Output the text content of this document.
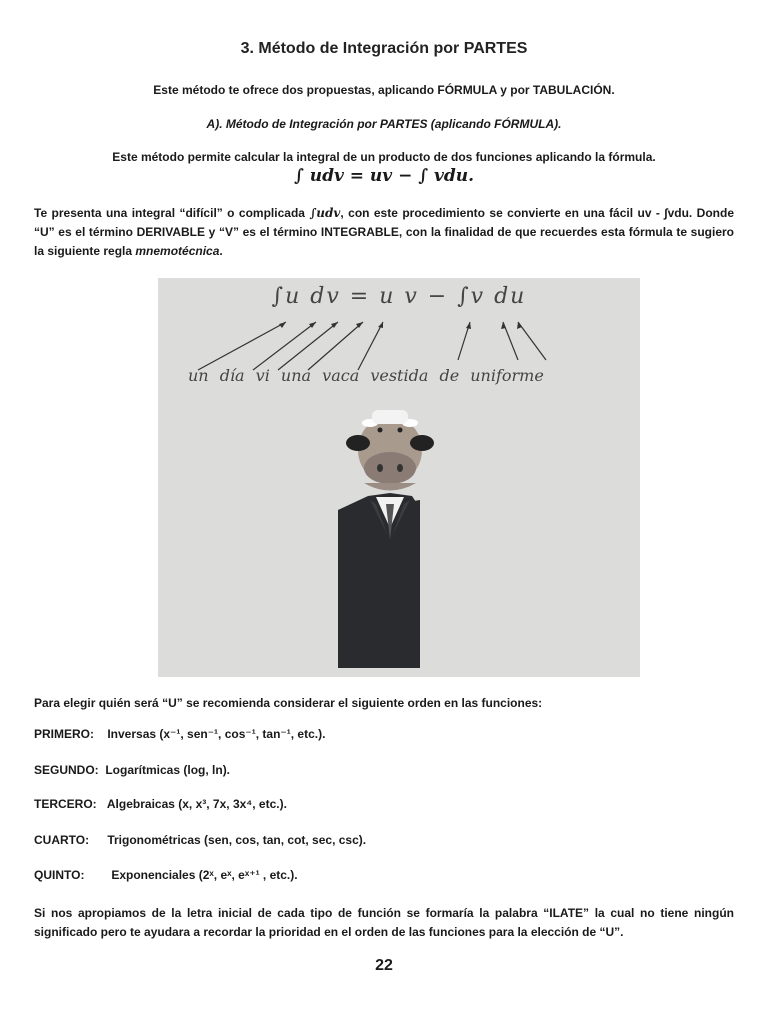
3. Método de Integración por PARTES
Este método te ofrece dos propuestas, aplicando FÓRMULA y por TABULACIÓN.
A). Método de Integración por PARTES (aplicando FÓRMULA).
Este método permite calcular la integral de un producto de dos funciones aplicando la fórmula.
∫ udv = uv − ∫ vdu.
Te presenta una integral “difícil” o complicada ∫udv, con este procedimiento se convierte en una fácil uv - ∫vdu. Donde “U” es el término DERIVABLE y “V” es el término INTEGRABLE, con la finalidad de que recuerdes esta fórmula te sugiero la siguiente regla mnemotécnica.
∫u dv = u v − ∫v du
un día vi una vaca vestida de uniforme
Para elegir quién será “U” se recomienda considerar el siguiente orden en las funciones:
PRIMERO: Inversas (x⁻¹, sen⁻¹, cos⁻¹, tan⁻¹, etc.).
SEGUNDO: Logarítmicas (log, ln).
TERCERO: Algebraicas (x, x³, 7x, 3x⁴, etc.).
CUARTO: Trigonométricas (sen, cos, tan, cot, sec, csc).
QUINTO: Exponenciales (2ˣ, eˣ, eˣ⁺¹ , etc.).
Si nos apropiamos de la letra inicial de cada tipo de función se formaría la palabra “ILATE” la cual no tiene ningún significado pero te ayudara a recordar la prioridad en el orden de las funciones para la elección de “U”.
22
